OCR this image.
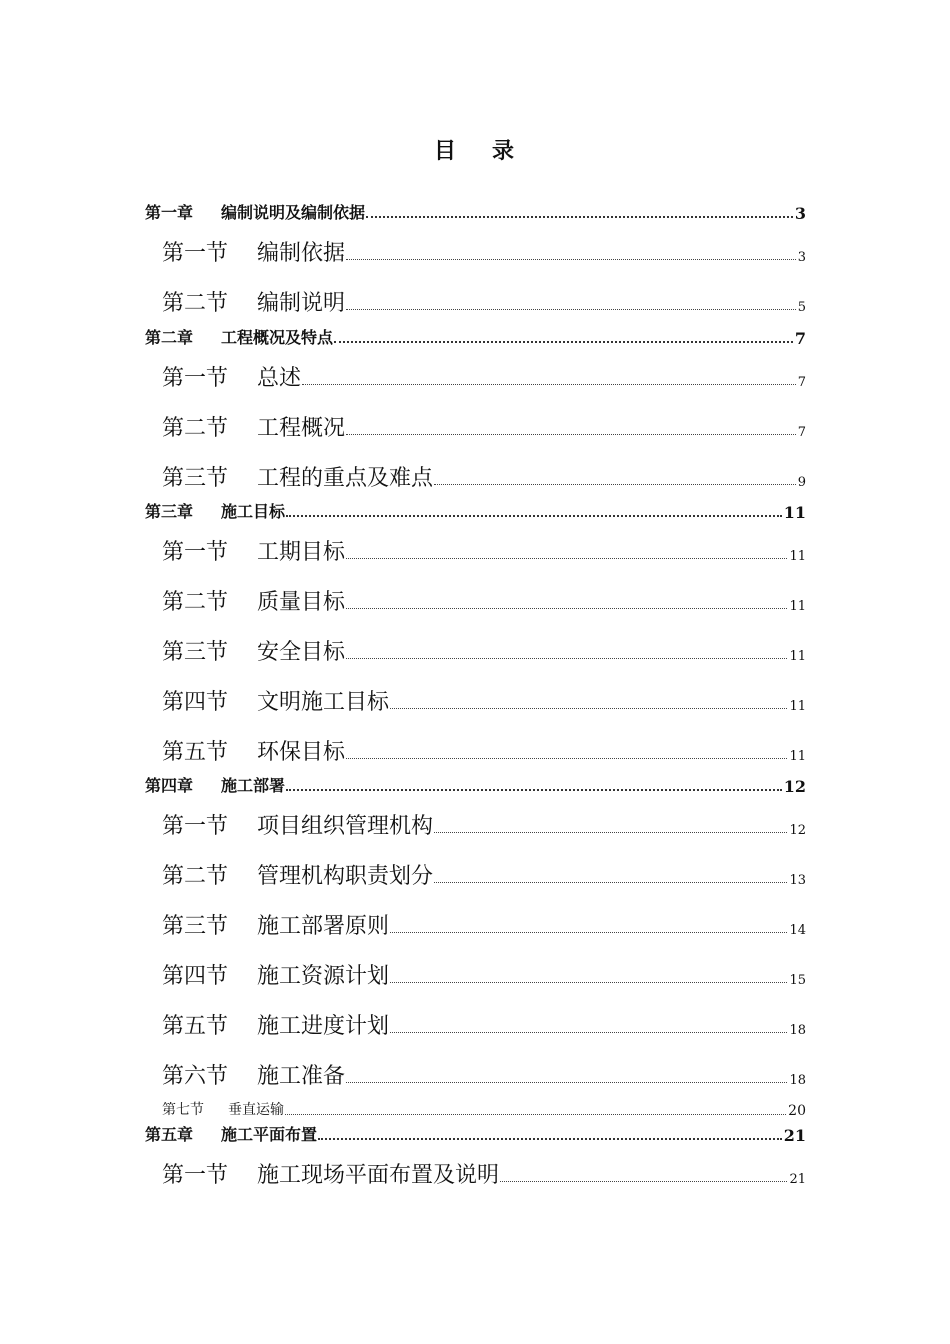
目 录
第一章 编制说明及编制依据	3
第一节 编制依据	3
第二节 编制说明	5
第二章 工程概况及特点	7
第一节 总述	7
第二节 工程概况	7
第三节 工程的重点及难点	9
第三章 施工目标	11
第一节 工期目标	11
第二节 质量目标	11
第三节 安全目标	11
第四节 文明施工目标	11
第五节 环保目标	11
第四章 施工部署	12
第一节 项目组织管理机构	12
第二节 管理机构职责划分	13
第三节 施工部署原则	14
第四节 施工资源计划	15
第五节 施工进度计划	18
第六节 施工准备	18
第七节 垂直运输	20
第五章 施工平面布置	21
第一节 施工现场平面布置及说明	21
